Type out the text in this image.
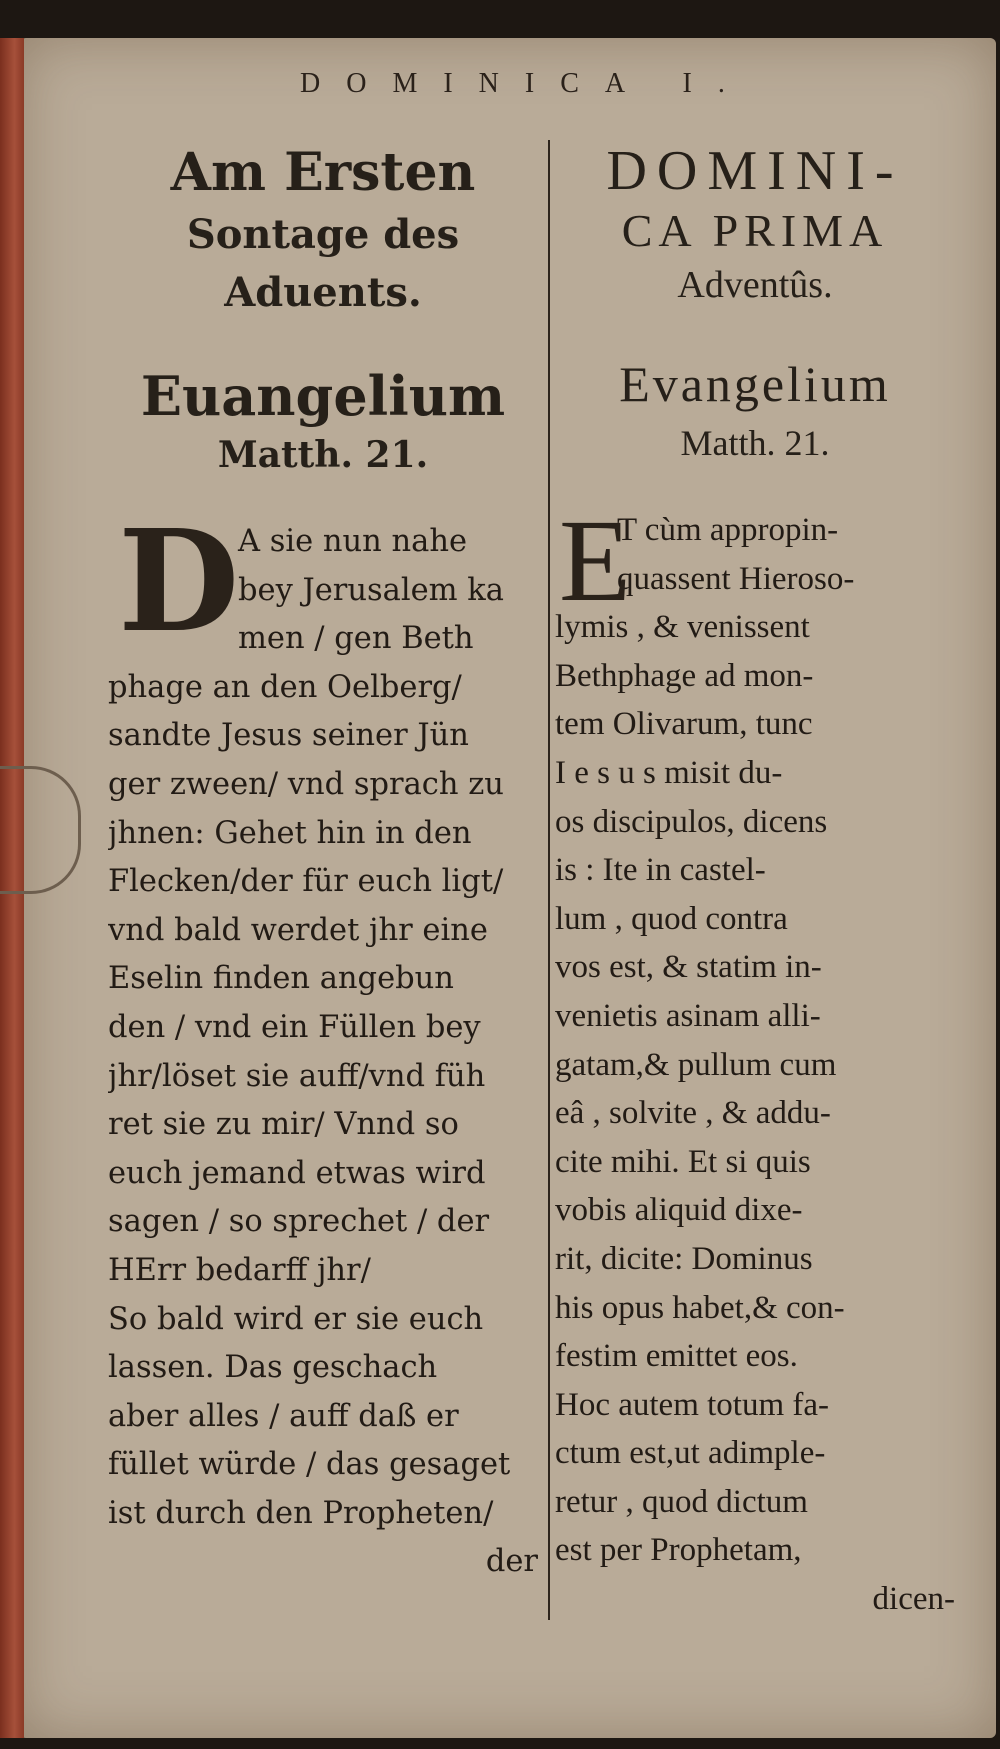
DOMINICA I.
Am Ersten
Sontage des
Aduents.
Euangelium
Matth. 21.
D
A sie nun nahe
bey Jerusalem ka
men / gen Beth
phage an den Oelberg/
sandte Jesus seiner Jün
ger zween/ vnd sprach zu
jhnen: Gehet hin in den
Flecken/der für euch ligt/
vnd bald werdet jhr eine
Eselin finden angebun
den / vnd ein Füllen bey
jhr/löset sie auff/vnd füh
ret sie zu mir/ Vnnd so
euch jemand etwas wird
sagen / so sprechet / der
HErr bedarff jhr/
So bald wird er sie euch
lassen. Das geschach
aber alles / auff daß er
füllet würde / das gesaget
ist durch den Propheten/
der
DOMINI-
CA PRIMA
Adventûs.
Evangelium
Matth. 21.
E
T cùm appropin-
quassent Hieroso-
lymis , & venissent
Bethphage ad mon-
tem Olivarum, tunc
I e s u s misit du-
os discipulos, dicens
is : Ite in castel-
lum , quod contra
vos est, & statim in-
venietis asinam alli-
gatam,& pullum cum
eâ , solvite , & addu-
cite mihi. Et si quis
vobis aliquid dixe-
rit, dicite: Dominus
his opus habet,& con-
festim emittet eos.
Hoc autem totum fa-
ctum est,ut adimple-
retur , quod dictum
est per Prophetam,
dicen-
